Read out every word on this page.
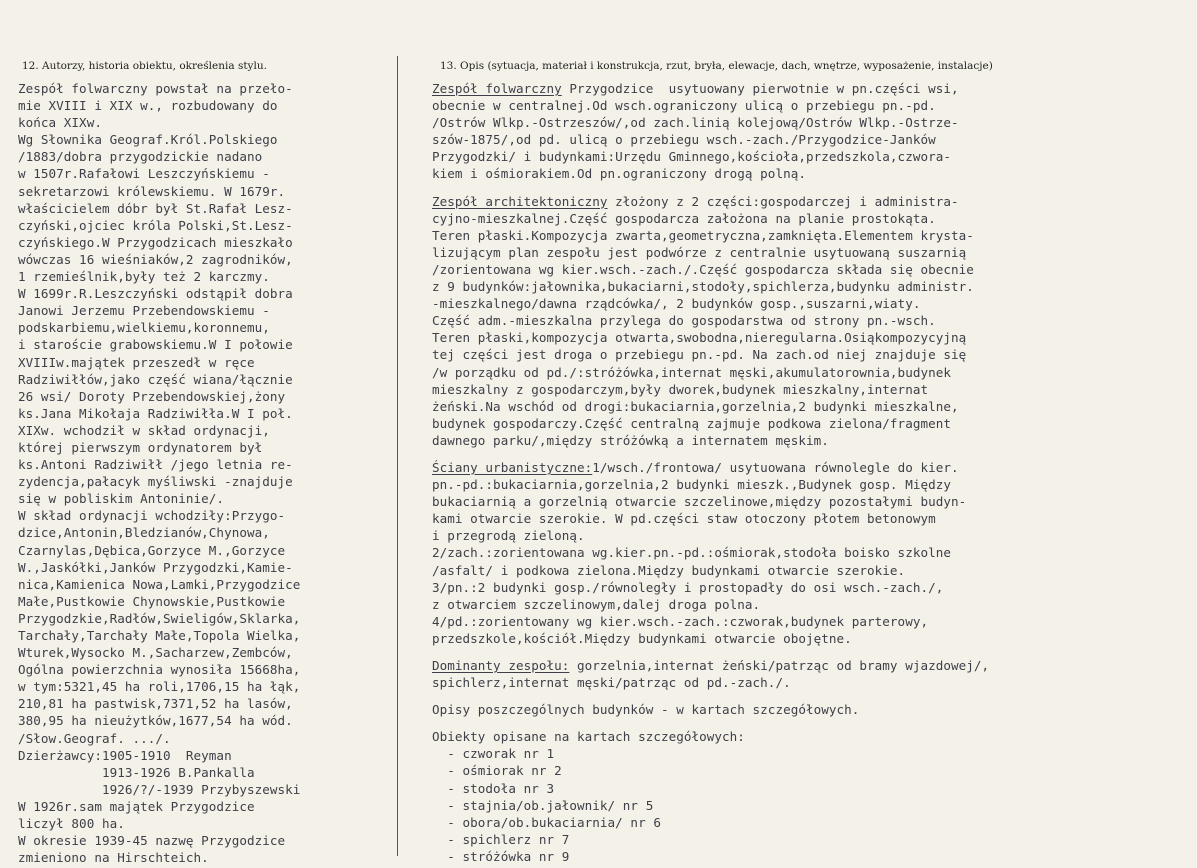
12. Autorzy, historia obiektu, określenia stylu.	13. Opis (sytuacja, materiał i konstrukcja, rzut, bryła, elewacje, dach, wnętrze, wyposażenie, instalacje)
Zespół folwarczny powstał na przeło-
mie XVIII i XIX w., rozbudowany do
końca XIXw.
Wg Słownika Geograf.Król.Polskiego
/1883/dobra przygodzickie nadano
w 1507r.Rafałowi Leszczyńskiemu -
sekretarzowi królewskiemu. W 1679r.
właścicielem dóbr był St.Rafał Lesz-
czyński,ojciec króla Polski,St.Lesz-
czyńskiego.W Przygodzicach mieszkało
wówczas 16 wieśniaków,2 zagrodników,
1 rzemieślnik,były też 2 karczmy.
W 1699r.R.Leszczyński odstąpił dobra
Janowi Jerzemu Przebendowskiemu -
podskarbiemu,wielkiemu,koronnemu,
i staroście grabowskiemu.W I połowie
XVIIIw.majątek przeszedł w ręce
Radziwiłłów,jako część wiana/łącznie
26 wsi/ Doroty Przebendowskiej,żony
ks.Jana Mikołaja Radziwiłła.W I poł.
XIXw. wchodził w skład ordynacji,
której pierwszym ordynatorem był
ks.Antoni Radziwiłł /jego letnia re-
zydencja,pałacyk myśliwski -znajduje
się w pobliskim Antoninie/.
W skład ordynacji wchodziły:Przygo-
dzice,Antonin,Bledzianów,Chynowa,
Czarnylas,Dębica,Gorzyce M.,Gorzyce
W.,Jaskółki,Janków Przygodzki,Kamie-
nica,Kamienica Nowa,Lamki,Przygodzice
Małe,Pustkowie Chynowskie,Pustkowie
Przygodzkie,Radłów,Swieligów,Sklarka,
Tarchały,Tarchały Małe,Topola Wielka,
Wturek,Wysocko M.,Sacharzew,Zembców,
Ogólna powierzchnia wynosiła 15668ha,
w tym:5321,45 ha roli,1706,15 ha łąk,
210,81 ha pastwisk,7371,52 ha lasów,
380,95 ha nieużytków,1677,54 ha wód.
/Słow.Geograf. .../.
Dzierżawcy:1905-1910  Reyman
1913-1926 B.Pankalla
1926/?/-1939 Przybyszewski
W 1926r.sam majątek Przygodzice
liczył 800 ha.
W okresie 1939-45 nazwę Przygodzice
zmieniono na Hirschteich.
Zespół folwarczny Przygodzice  usytuowany pierwotnie w pn.części wsi,
obecnie w centralnej.Od wsch.ograniczony ulicą o przebiegu pn.-pd.
/Ostrów Wlkp.-Ostrzeszów/,od zach.linią kolejową/Ostrów Wlkp.-Ostrze-
szów-1875/,od pd. ulicą o przebiegu wsch.-zach./Przygodzice-Janków
Przygodzki/ i budynkami:Urzędu Gminnego,kościoła,przedszkola,czwora-
kiem i ośmiorakiem.Od pn.ograniczony drogą polną.
Zespół architektoniczny złożony z 2 części:gospodarczej i administra-
cyjno-mieszkalnej.Część gospodarcza założona na planie prostokąta.
Teren płaski.Kompozycja zwarta,geometryczna,zamknięta.Elementem krysta-
lizującym plan zespołu jest podwórze z centralnie usytuowaną suszarnią
/zorientowana wg kier.wsch.-zach./.Część gospodarcza składa się obecnie
z 9 budynków:jałownika,bukaciarni,stodoły,spichlerza,budynku administr.
-mieszkalnego/dawna rządcówka/, 2 budynków gosp.,suszarni,wiaty.
Część adm.-mieszkalna przylega do gospodarstwa od strony pn.-wsch.
Teren płaski,kompozycja otwarta,swobodna,nieregularna.Osiąkompozycyjną
tej części jest droga o przebiegu pn.-pd. Na zach.od niej znajduje się
/w porządku od pd./:stróżówka,internat męski,akumulatorownia,budynek
mieszkalny z gospodarczym,były dworek,budynek mieszkalny,internat
żeński.Na wschód od drogi:bukaciarnia,gorzelnia,2 budynki mieszkalne,
budynek gospodarczy.Część centralną zajmuje podkowa zielona/fragment
dawnego parku/,między stróżówką a internatem męskim.
Ściany urbanistyczne:1/wsch./frontowa/ usytuowana równolegle do kier.
pn.-pd.:bukaciarnia,gorzelnia,2 budynki mieszk.,Budynek gosp. Między
bukaciarnią a gorzelnią otwarcie szczelinowe,między pozostałymi budyn-
kami otwarcie szerokie. W pd.części staw otoczony płotem betonowym
i przegrodą zieloną.
2/zach.:zorientowana wg.kier.pn.-pd.:ośmiorak,stodoła boisko szkolne
/asfalt/ i podkowa zielona.Między budynkami otwarcie szerokie.
3/pn.:2 budynki gosp./równoległy i prostopadły do osi wsch.-zach./,
z otwarciem szczelinowym,dalej droga polna.
4/pd.:zorientowany wg kier.wsch.-zach.:czworak,budynek parterowy,
przedszkole,kościół.Między budynkami otwarcie obojętne.
Dominanty zespołu: gorzelnia,internat żeński/patrząc od bramy wjazdowej/,
spichlerz,internat męski/patrząc od pd.-zach./.
Opisy poszczególnych budynków - w kartach szczegółowych.
Obiekty opisane na kartach szczegółowych:
- czworak nr 1
- ośmiorak nr 2
- stodoła nr 3
- stajnia/ob.jałownik/ nr 5
- obora/ob.bukaciarnia/ nr 6
- spichlerz nr 7
- stróżówka nr 9
